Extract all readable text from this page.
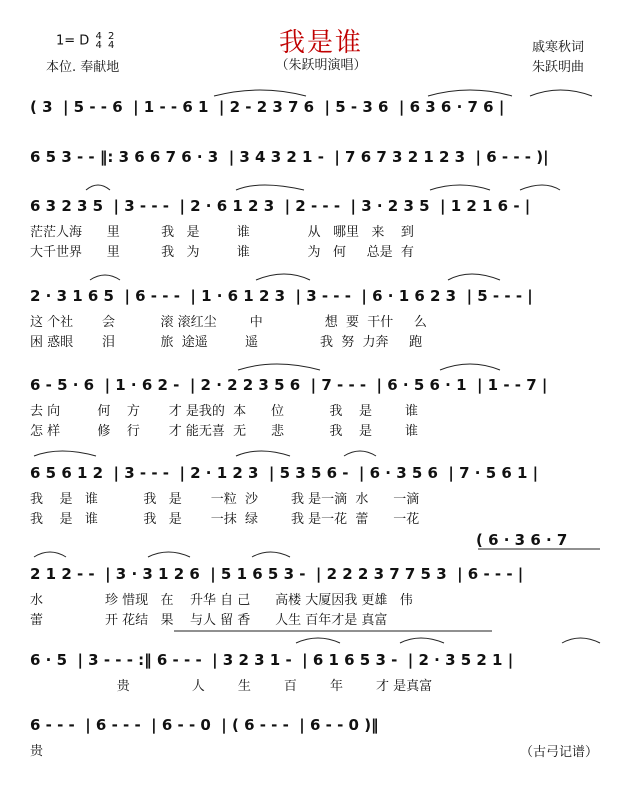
我是谁
（朱跃明演唱）
1= D 4
4 2
4
本位. 奉献地
戚寒秋词
朱跃明曲
( 3  | 5 - - 6  | 1 - - 6 1  | 2 - 2 3 7 6  | 5 - 3 6  | 6 3 6 · 7 6 |
6 5 3 - - ‖: 3 6 6 7 6 · 3  | 3 4 3 2 1 -  | 7 6 7 3 2 1 2 3  | 6 - - - )|
6 3 2 3 5  | 3 - - -  | 2 · 6 1 2 3  | 2 - - -  | 3 · 2 3 5  | 1 2 1 6 - |
茫茫人海      里          我   是         谁              从   哪里   来    到
大千世界      里          我   为         谁              为   何     总是  有
2 · 3 1 6 5  | 6 - - -  | 1 · 6 1 2 3  | 3 - - -  | 6 · 1 6 2 3  | 5 - - - |
这 个社       会           滚 滚红尘        中               想  要  干什     么
困 惑眼       泪           旅  途遥         遥               我  努  力奔     跑
6 - 5 · 6  | 1 · 6 2 -  | 2 · 2 2 3 5 6  | 7 - - -  | 6 · 5 6 · 1  | 1 - - 7 |
去 向         何    方       才 是我的  本      位           我    是        谁
怎 样         修    行       才 能无喜  无      悲           我    是        谁
6 5 6 1 2  | 3 - - -  | 2 · 1 2 3  | 5 3 5 6 -  | 6 · 3 5 6  | 7 · 5 6 1 |
我    是   谁           我   是       一粒  沙        我 是一滴  水      一滴
我    是   谁           我   是       一抹  绿        我 是一花  蕾      一花
( 6 · 3 6 · 7
2 1 2 - -  | 3 · 3 1 2 6  | 5 1 6 5 3 -  | 2 2 2 3 7 7 5 3  | 6 - - - |
水               珍 惜现   在    升华 自 己      高楼 大厦因我 更雄   伟
蕾               开 花结   果    与人 留 香      人生 百年才是 真富
6 · 5  | 3 - - - :‖ 6 - - -  | 3 2 3 1 -  | 6 1 6 5 3 -  | 2 · 3 5 2 1 |
贵               人        生        百        年        才 是真富
6 - - -  | 6 - - -  | 6 - - 0  | ( 6 - - -  | 6 - - 0 )‖
贵	（古弓记谱）
